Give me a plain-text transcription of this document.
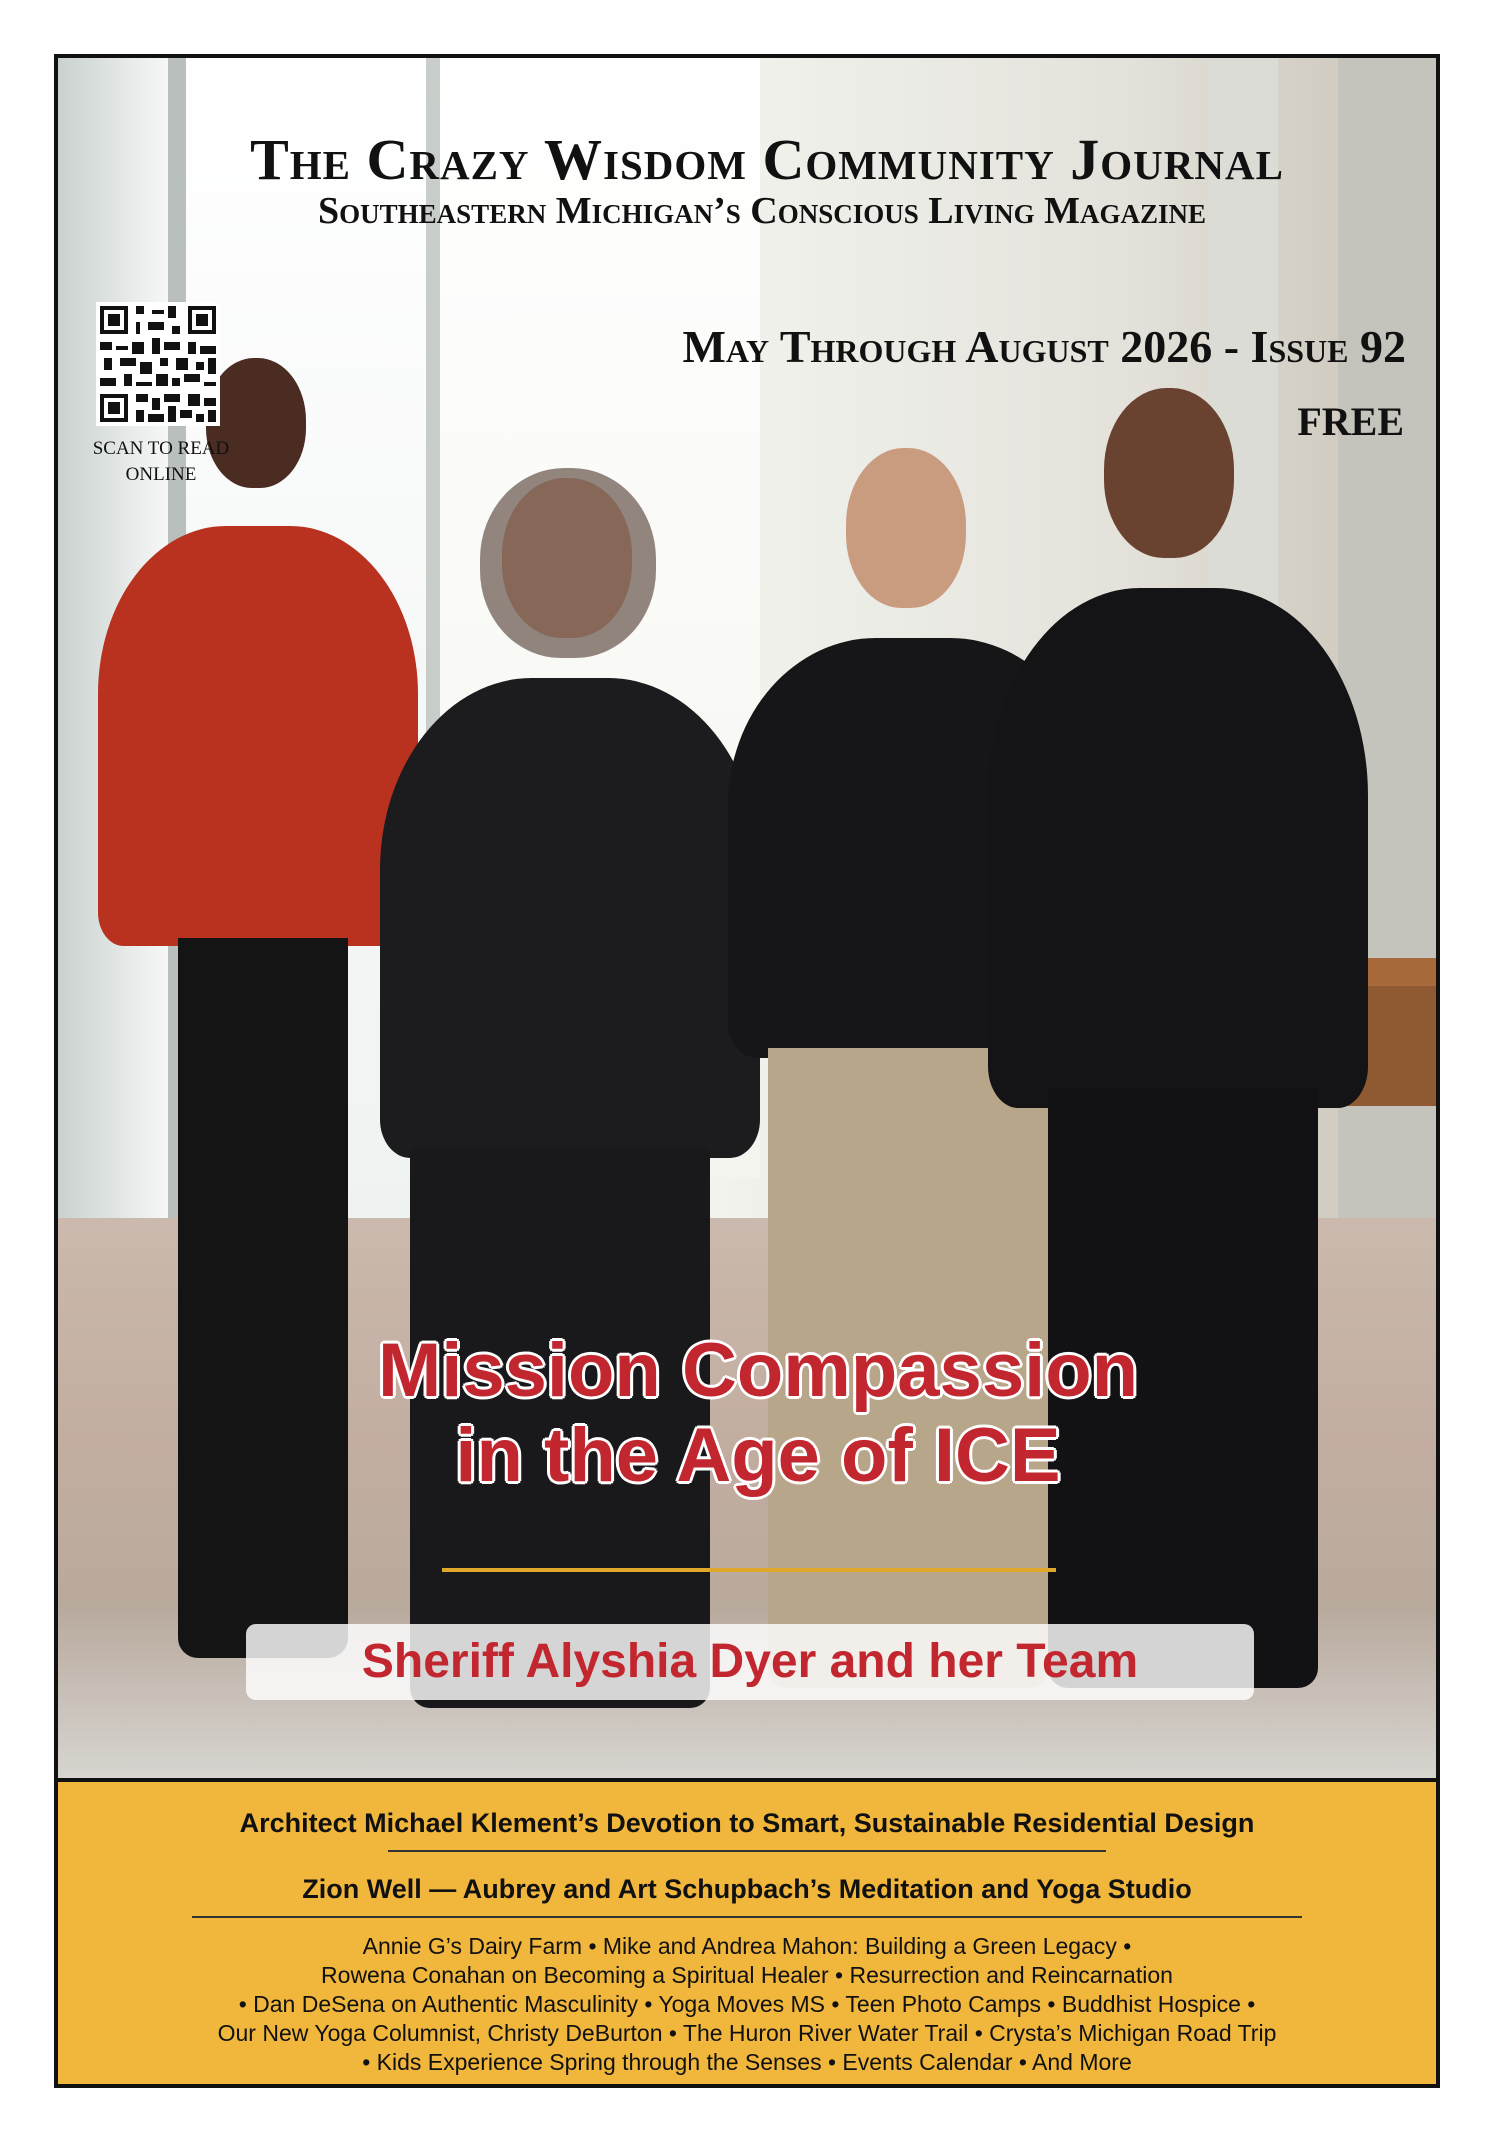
The Crazy Wisdom Community Journal
Southeastern Michigan’s Conscious Living Magazine
May Through August 2026 - Issue 92
FREE
SCAN TO READ
ONLINE
Mission Compassion
in the Age of ICE
Sheriff Alyshia Dyer and her Team
Architect Michael Klement’s Devotion to Smart, Sustainable Residential Design
Zion Well — Aubrey and Art Schupbach’s Meditation and Yoga Studio
Annie G’s Dairy Farm • Mike and Andrea Mahon: Building a Green Legacy •
Rowena Conahan on Becoming a Spiritual Healer • Resurrection and Reincarnation
• Dan DeSena on Authentic Masculinity • Yoga Moves MS • Teen Photo Camps • Buddhist Hospice •
Our New Yoga Columnist, Christy DeBurton • The Huron River Water Trail • Crysta’s Michigan Road Trip
• Kids Experience Spring through the Senses • Events Calendar • And More
